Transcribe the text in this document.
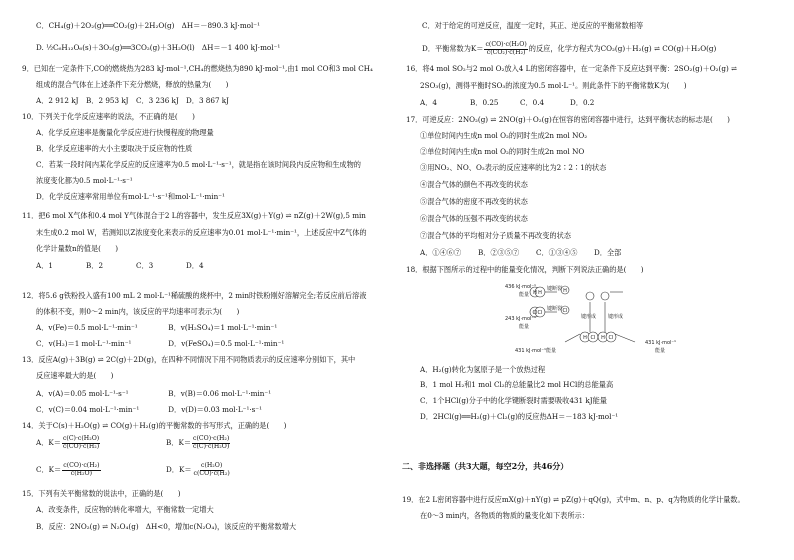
C．CH₄(g)＋2O₂(g)══CO₂(g)＋2H₂O(g)　ΔH＝－890.3 kJ·mol⁻¹
D. ½C₆H₁₂O₆(s)＋3O₂(g)══3CO₂(g)＋3H₂O(l)　ΔH＝－1 400 kJ·mol⁻¹
9．已知在一定条件下,CO的燃烧热为283 kJ·mol⁻¹,CH₄的燃烧热为890 kJ·mol⁻¹,由1 mol CO和3 mol CH₄
组成的混合气体在上述条件下充分燃烧，释放的热量为(　　)
A．2 912 kJ	B．2 953 kJ	C．3 236 kJ	D．3 867 kJ
10．下列关于化学反应速率的说法，不正确的是(　　)
A．化学反应速率是衡量化学反应进行快慢程度的物理量
B．化学反应速率的大小主要取决于反应物的性质
C．若某一段时间内某化学反应的反应速率为0.5 mol·L⁻¹·s⁻¹，就是指在该时间段内反应物和生成物的
浓度变化都为0.5 mol·L⁻¹·s⁻¹
D．化学反应速率常用单位有mol·L⁻¹·s⁻¹和mol·L⁻¹·min⁻¹
11．把6 mol X气体和0.4 mol Y气体混合于2 L的容器中，发生反应3X(g)＋Y(g) ⇌ nZ(g)＋2W(g),5 min
末生成0.2 mol W，若测知以Z浓度变化来表示的反应速率为0.01 mol·L⁻¹·min⁻¹，上述反应中Z气体的
化学计量数n的值是(　　)
A．1	B．2	C．3	D．4
12．将5.6 g铁粉投入盛有100 mL 2 mol·L⁻¹稀硫酸的烧杯中，2 min时铁粉刚好溶解完全;若反应前后溶液
的体积不变，则0～2 min内，该反应的平均速率可表示为(　　)
A．v(Fe)＝0.5 mol·L⁻¹·min⁻¹	B．v(H₂SO₄)＝1 mol·L⁻¹·min⁻¹
C．v(H₂)＝1 mol·L⁻¹·min⁻¹	D．v(FeSO₄)＝0.5 mol·L⁻¹·min⁻¹
13．反应A(g)＋3B(g) ⇌ 2C(g)＋2D(g)，在四种不同情况下用不同物质表示的反应速率分别如下，其中
反应速率最大的是(　　)
A．v(A)＝0.05 mol·L⁻¹·s⁻¹	B．v(B)＝0.06 mol·L⁻¹·min⁻¹
C．v(C)＝0.04 mol·L⁻¹·min⁻¹	D．v(D)＝0.03 mol·L⁻¹·s⁻¹
14．关于C(s)＋H₂O(g) ⇌ CO(g)＋H₂(g)的平衡常数的书写形式，正确的是(　　)
A．$K= \frac{\text{c(C)·c(H₂O)}}{\text{c(CO)·c(H₂)}}$	B．$K= \frac{\text{c(CO)·c(H₂)}}{\text{c(C)·c(H₂O)}}$
C．$K= \frac{\text{c(CO)·c(H₂)}}{\text{c(H₂O)}}$	D．$K= \frac{\text{c(H₂O)}}{\text{c(CO)·c(H₂)}}$
15．下列有关平衡常数的说法中，正确的是(　　)
A．改变条件，反应物的转化率增大，平衡常数一定增大
B．反应：2NO₂(g) ⇌ N₂O₄(g)　ΔH<0，增加c(N₂O₄)，该反应的平衡常数增大
C．对于给定的可逆反应，温度一定时，其正、逆反应的平衡常数相等
D．平衡常数为$K= \frac{\text{c(CO)·c(H₂O)}}{\text{c(CO₂)·c(H₂)}}$ 的反应，化学方程式为CO₂(g)＋H₂(g) ⇌ CO(g)＋H₂O(g)
16．将4 mol SO₂与2 mol O₂放入4 L的密闭容器中，在一定条件下反应达到平衡：2SO₂(g)＋O₂(g) ⇌
2SO₃(g)，测得平衡时SO₃的浓度为0.5 mol·L⁻¹。则此条件下的平衡常数K为(　　)
A．4	B．0.25	C．0.4	D．0.2
17．可逆反应：2NO₂(g) ⇌ 2NO(g)＋O₂(g)在恒容的密闭容器中进行，达到平衡状态的标志是(　　)
①单位时间内生成n mol O₂的同时生成2n mol NO₂
②单位时间内生成n mol O₂的同时生成2n mol NO
③用NO₂、NO、O₂表示的反应速率的比为2∶2∶1的状态
④混合气体的颜色不再改变的状态
⑤混合气体的密度不再改变的状态
⑥混合气体的压强不再改变的状态
⑦混合气体的平均相对分子质量不再改变的状态
A．①④⑥⑦	B．②③⑤⑦	C．①③④⑤	D．全部
18．根据下图所示的过程中的能量变化情况，判断下列说法正确的是(　　)
A．H₂(g)转化为氢原子是一个放热过程
B．1 mol H₂和1 mol Cl₂的总能量比2 mol HCl的总能量高
C．1个HCl(g)分子中的化学键断裂时需要吸收431 kJ能量
D．2HCl(g)══H₂(g)＋Cl₂(g)的反应热ΔH＝－183 kJ·mol⁻¹
二、非选择题（共3大题，每空2分，共46分）
19．在2 L密闭容器中进行反应mX(g)＋nY(g) ⇌ pZ(g)＋qQ(g)，式中m、n、p、q为物质的化学计量数。
在0～3 min内，各物质的物质的量变化如下表所示：
H H	H
Cl Cl	Cl
H Cl H Cl
436 kJ·mol⁻¹
能量
243 kJ·mol⁻¹
能量
431 kJ·mol⁻¹能量
431 kJ·mol⁻¹
能量
键断裂
键断裂
键形成 键形成
